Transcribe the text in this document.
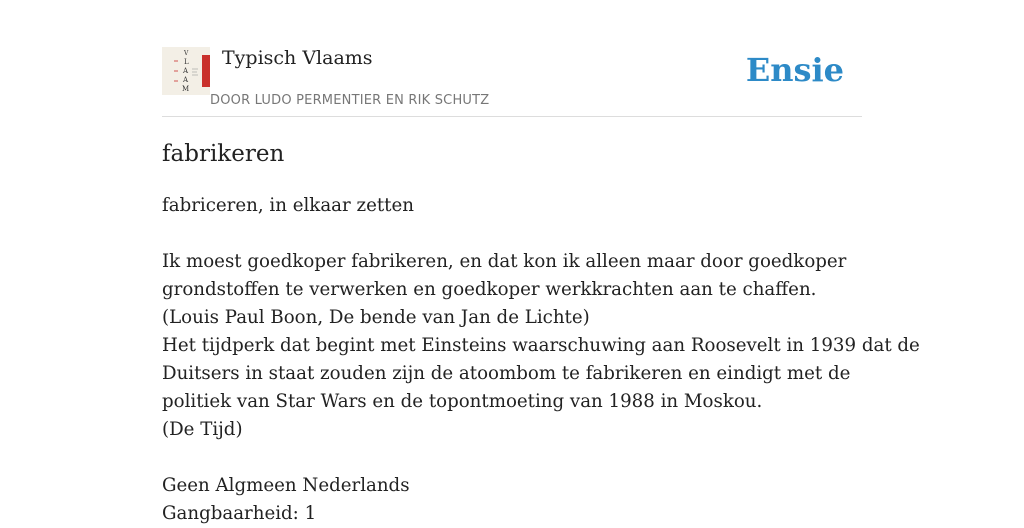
V
L
A
A
M
Typisch Vlaams
DOOR LUDO PERMENTIER EN RIK SCHUTZ
Ensie
fabrikeren
fabriceren, in elkaar zetten
Ik moest goedkoper fabrikeren, en dat kon ik alleen maar door goedkoper
grondstoffen te verwerken en goedkoper werkkrachten aan te chaffen.
(Louis Paul Boon, De bende van Jan de Lichte)
Het tijdperk dat begint met Einsteins waarschuwing aan Roosevelt in 1939 dat de
Duitsers in staat zouden zijn de atoombom te fabrikeren en eindigt met de
politiek van Star Wars en de topontmoeting van 1988 in Moskou.
(De Tijd)
Geen Algmeen Nederlands
Gangbaarheid: 1
